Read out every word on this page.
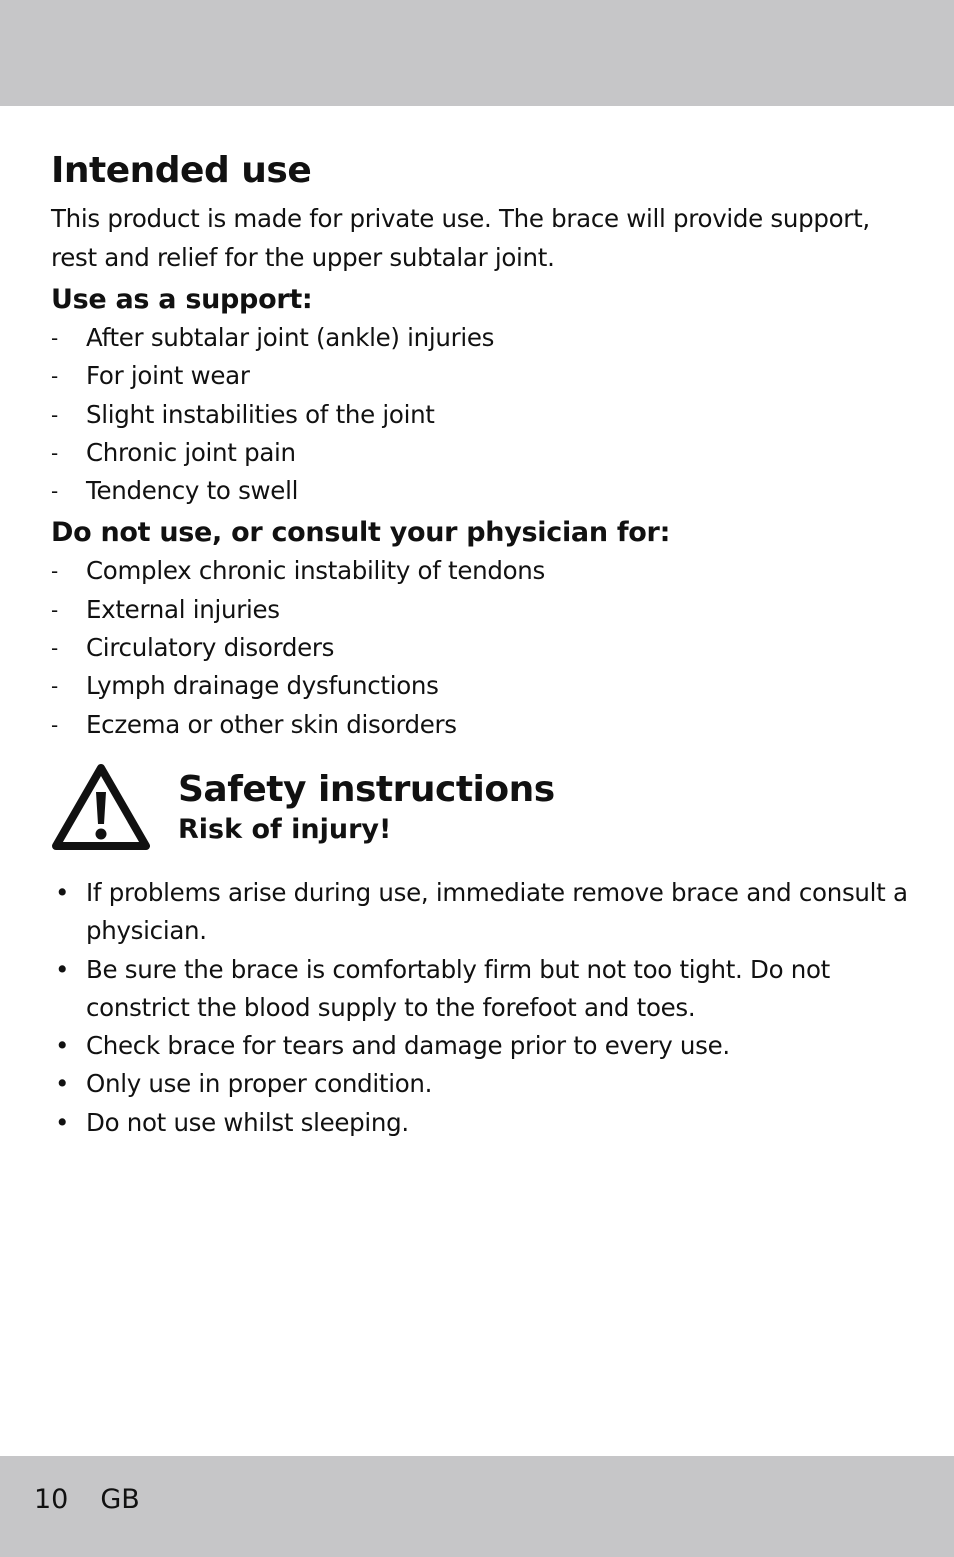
Intended use

This product is made for private use. The brace will provide support, rest and relief for the upper subtalar joint.

Use as a support:
- After subtalar joint (ankle) injuries
- For joint wear
- Slight instabilities of the joint
- Chronic joint pain
- Tendency to swell
Do not use, or consult your physician for:
- Complex chronic instability of tendons
- External injuries
- Circulatory disorders
- Lymph drainage dysfunctions
- Eczema or other skin disorders
Safety instructions
Risk of injury!
• If problems arise during use, immediate remove brace and consult a physician.
• Be sure the brace is comfortably firm but not too tight. Do not constrict the blood supply to the forefoot and toes.
• Check brace for tears and damage prior to every use.
• Only use in proper condition.
• Do not use whilst sleeping.
10 GB
